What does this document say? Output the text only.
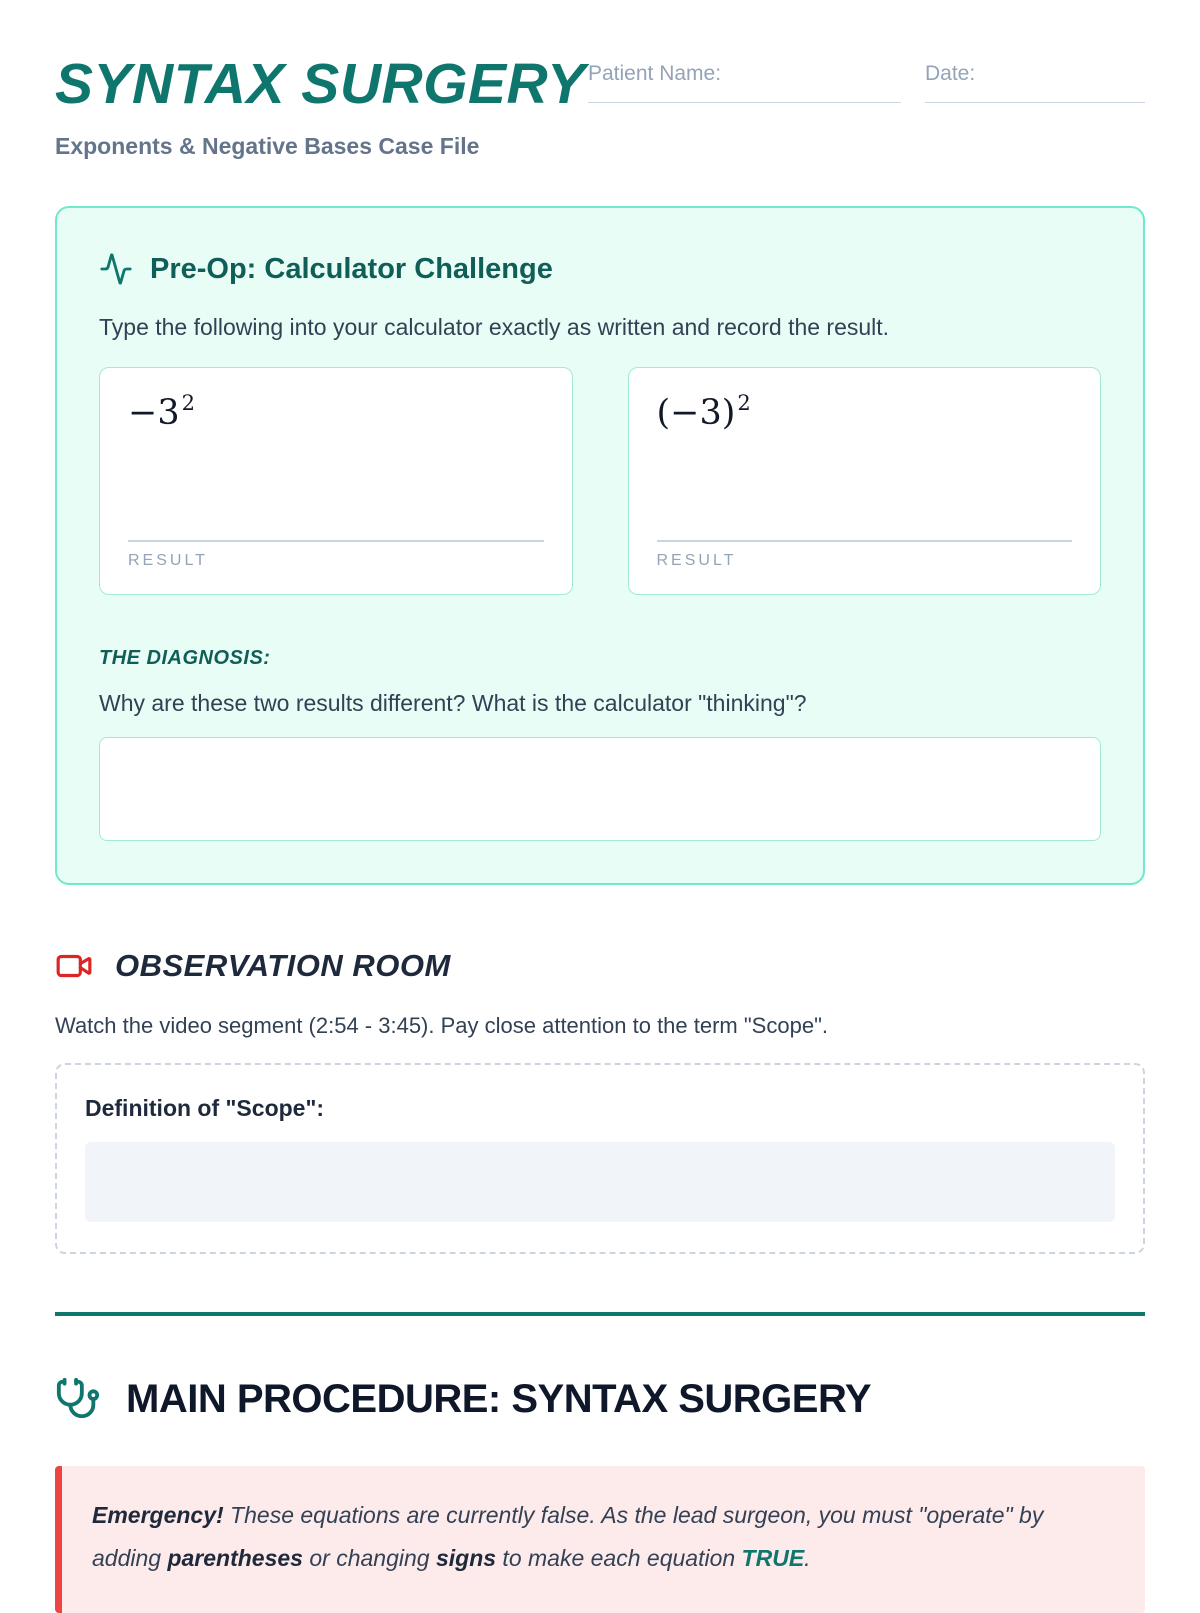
SYNTAX SURGERY
Exponents & Negative Bases Case File
Patient Name:	Date:
Pre-Op: Calculator Challenge

Type the following into your calculator exactly as written and record the result.

$-3^2$
RESULT
$(-3)^2$
RESULT
THE DIAGNOSIS:

Why are these two results different? What is the calculator "thinking"?

OBSERVATION ROOM

Watch the video segment (2:54 - 3:45). Pay close attention to the term "Scope".

Definition of "Scope":
MAIN PROCEDURE: SYNTAX SURGERY

Emergency! These equations are currently false. As the lead surgeon, you must "operate" by adding parentheses or changing signs to make each equation TRUE.
